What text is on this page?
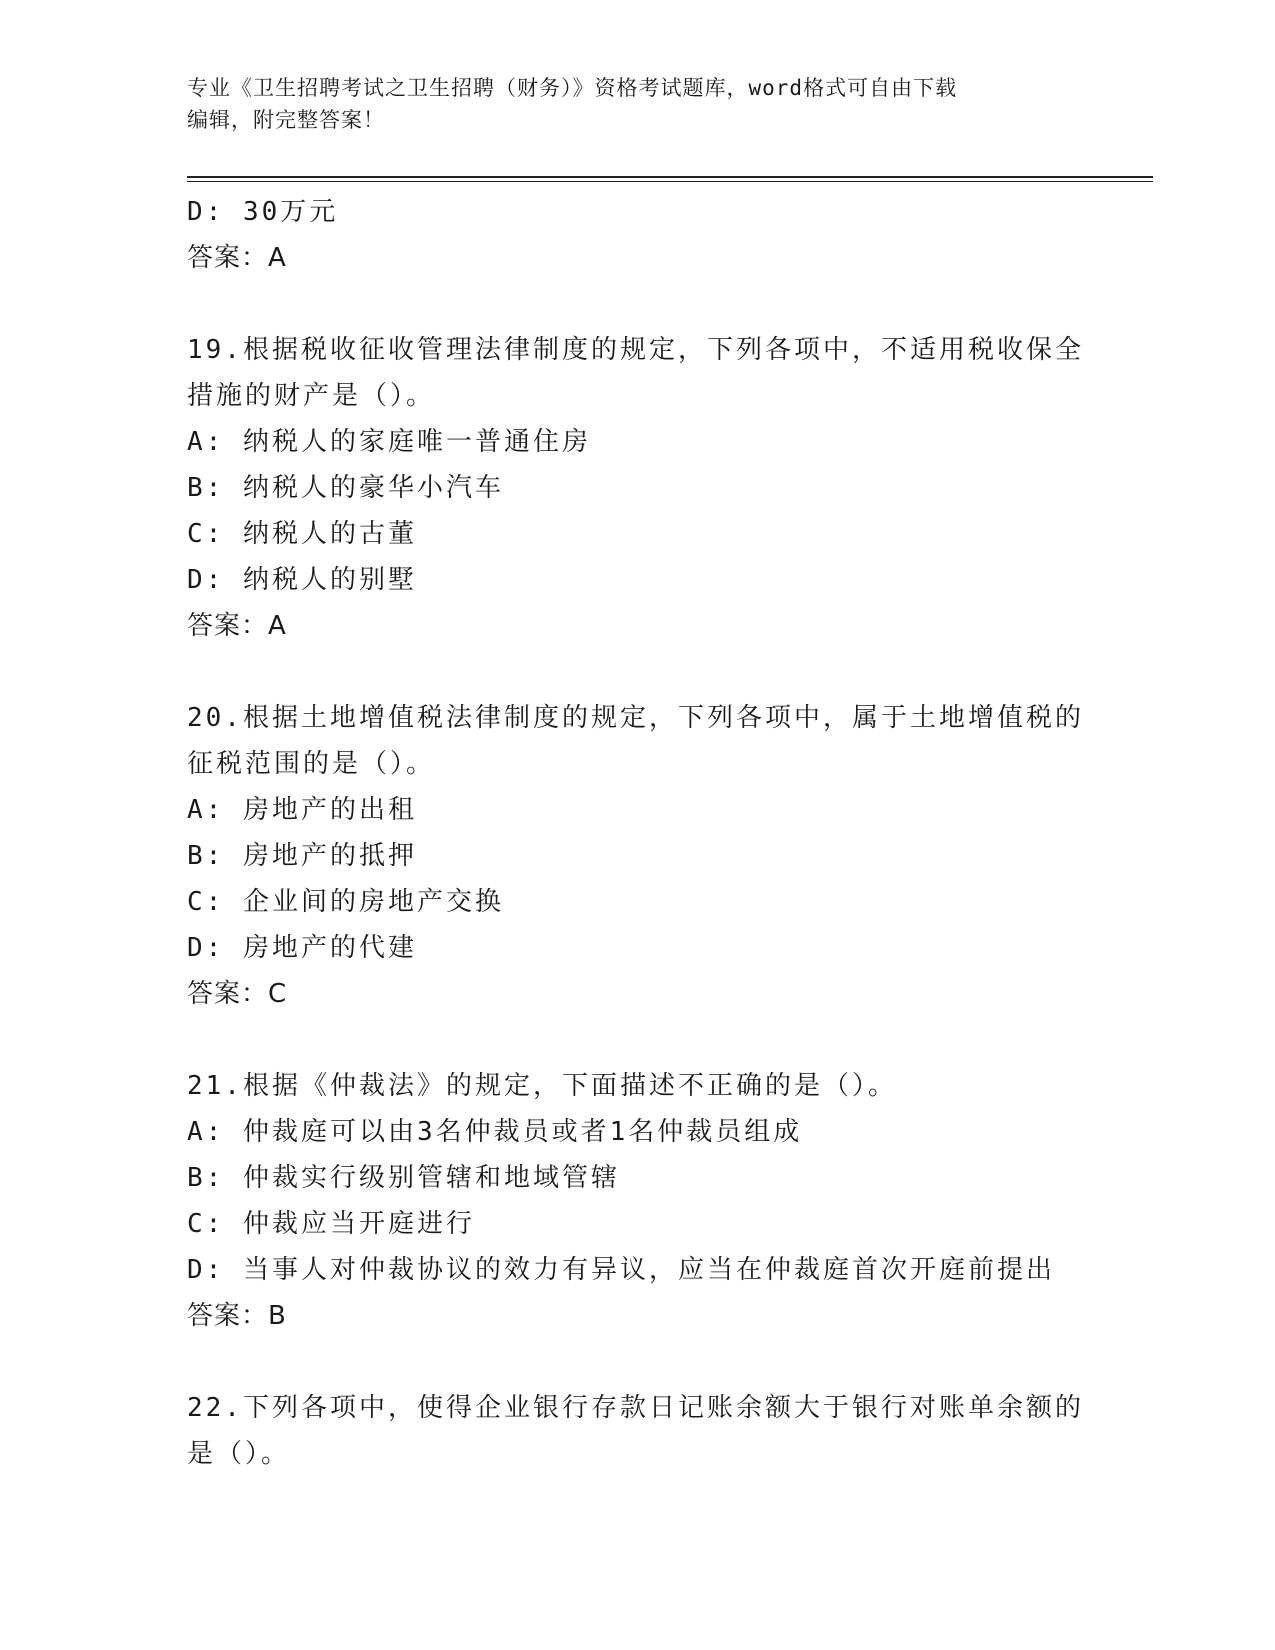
专业《卫生招聘考试之卫生招聘（财务）》资格考试题库，word格式可自由下载
编辑，附完整答案！
D: 30万元
答案：A
19.根据税收征收管理法律制度的规定，下列各项中，不适用税收保全
措施的财产是（）。
A: 纳税人的家庭唯一普通住房
B: 纳税人的豪华小汽车
C: 纳税人的古董
D: 纳税人的别墅
答案：A
20.根据土地增值税法律制度的规定，下列各项中，属于土地增值税的
征税范围的是（）。
A: 房地产的出租
B: 房地产的抵押
C: 企业间的房地产交换
D: 房地产的代建
答案：C
21.根据《仲裁法》的规定，下面描述不正确的是（）。
A: 仲裁庭可以由3名仲裁员或者1名仲裁员组成
B: 仲裁实行级别管辖和地域管辖
C: 仲裁应当开庭进行
D: 当事人对仲裁协议的效力有异议，应当在仲裁庭首次开庭前提出
答案：B
22.下列各项中，使得企业银行存款日记账余额大于银行对账单余额的
是（）。
